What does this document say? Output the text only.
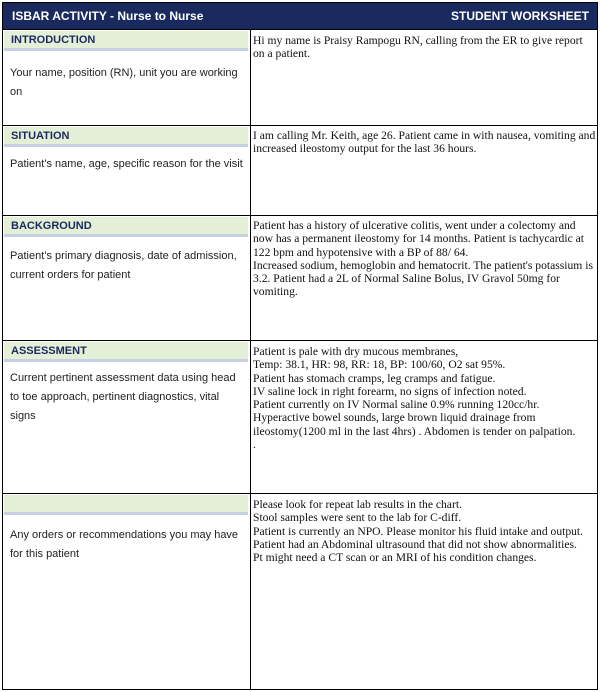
ISBAR ACTIVITY - Nurse to Nurse	STUDENT WORKSHEET
INTRODUCTION
Your name, position (RN), unit you are working on
Hi my name is Praisy Rampogu RN, calling from the ER to give report on a patient.
SITUATION
Patient’s name, age, specific reason for the visit
I am calling Mr. Keith, age 26. Patient came in with nausea, vomiting and increased ileostomy output for the last 36 hours.
BACKGROUND
Patient’s primary diagnosis, date of admission, current orders for patient
Patient has a history of ulcerative colitis, went under a colectomy and now has a permanent ileostomy for 14 months. Patient is tachycardic at 122 bpm and hypotensive with a BP of 88/ 64.
Increased sodium, hemoglobin and hematocrit. The patient's potassium is 3.2. Patient had a 2L of Normal Saline Bolus, IV Gravol 50mg for vomiting.
ASSESSMENT
Current pertinent assessment data using head to toe approach, pertinent diagnostics, vital signs
Patient is pale with dry mucous membranes,
Temp: 38.1, HR: 98, RR: 18, BP: 100/60, O2 sat 95%.
Patient has stomach cramps, leg cramps and fatigue.
IV saline lock in right forearm, no signs of infection noted.
Patient currently on IV Normal saline 0.9% running 120cc/hr.
Hyperactive bowel sounds, large brown liquid drainage from ileostomy(1200 ml in the last 4hrs) . Abdomen is tender on palpation.
.
Any orders or recommendations you may have for this patient
Please look for repeat lab results in the chart.
Stool samples were sent to the lab for C-diff.
Patient is currently an NPO. Please monitor his fluid intake and output.
Patient had an Abdominal ultrasound that did not show abnormalities.
Pt might need a CT scan or an MRI of his condition changes.
